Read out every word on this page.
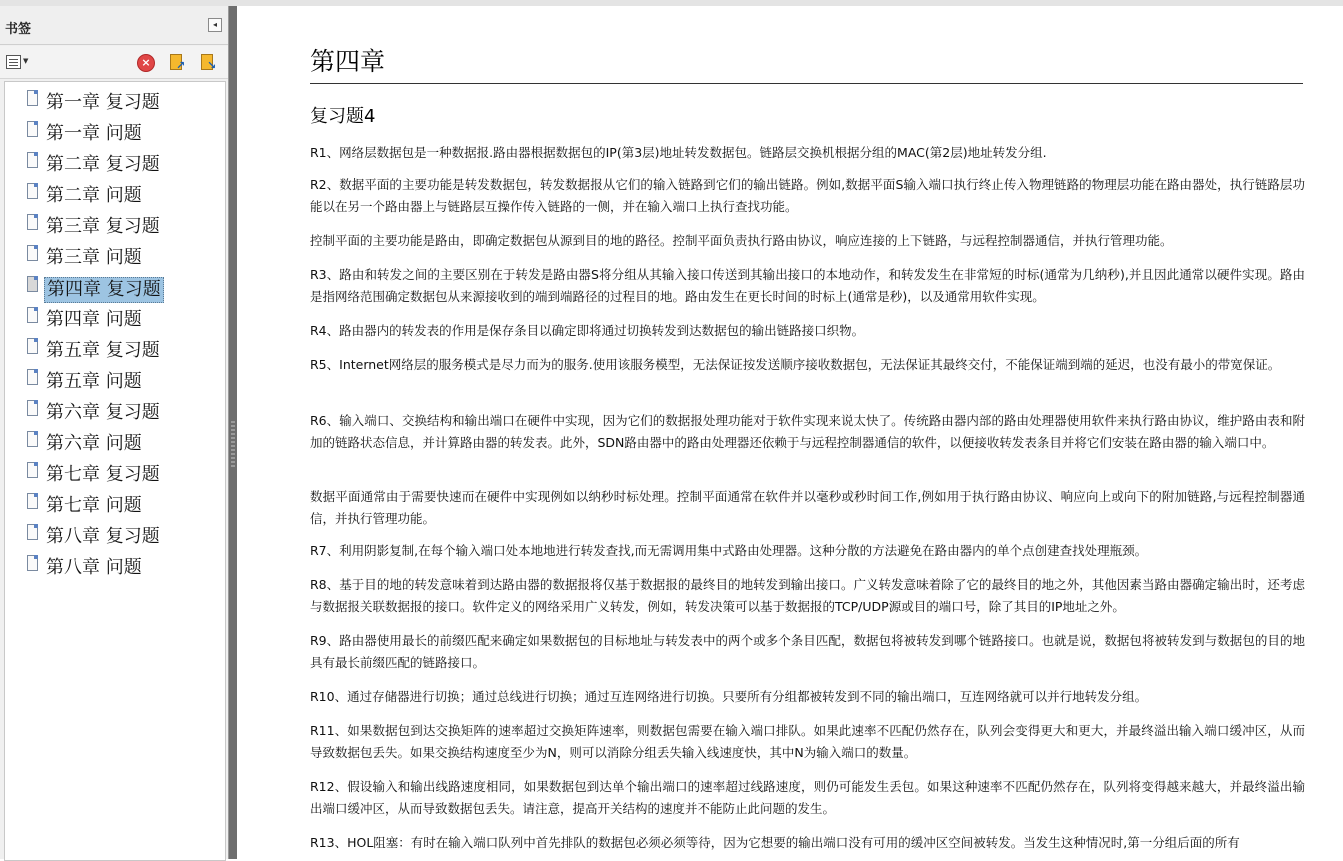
书签	◂
▼	×	↗ ↘
第一章 复习题
第一章 问题
第二章 复习题
第二章 问题
第三章 复习题
第三章 问题
第四章 复习题
第四章 问题
第五章 复习题
第五章 问题
第六章 复习题
第六章 问题
第七章 复习题
第七章 问题
第八章 复习题
第八章 问题
第四章
复习题4
R1、网络层数据包是一种数据报.路由器根据数据包的IP(第3层)地址转发数据包。链路层交换机根据分组的MAC(第2层)地址转发分组.
R2、数据平面的主要功能是转发数据包，转发数据报从它们的输入链路到它们的输出链路。例如,数据平面S输入端口执行终止传入物理链路的物理层功能在路由器处，执行链路层功能以在另一个路由器上与链路层互操作传入链路的一侧，并在输入端口上执行查找功能。
控制平面的主要功能是路由，即确定数据包从源到目的地的路径。控制平面负责执行路由协议，响应连接的上下链路，与远程控制器通信，并执行管理功能。
R3、路由和转发之间的主要区别在于转发是路由器S将分组从其输入接口传送到其输出接口的本地动作，和转发发生在非常短的时标(通常为几纳秒),并且因此通常以硬件实现。路由是指网络范围确定数据包从来源接收到的端到端路径的过程目的地。路由发生在更长时间的时标上(通常是秒)，以及通常用软件实现。
R4、路由器内的转发表的作用是保存条目以确定即将通过切换转发到达数据包的输出链路接口织物。
R5、Internet网络层的服务模式是尽力而为的服务.使用该服务模型，无法保证按发送顺序接收数据包，无法保证其最终交付，不能保证端到端的延迟，也没有最小的带宽保证。
R6、输入端口、交换结构和输出端口在硬件中实现，因为它们的数据报处理功能对于软件实现来说太快了。传统路由器内部的路由处理器使用软件来执行路由协议，维护路由表和附加的链路状态信息，并计算路由器的转发表。此外，SDN路由器中的路由处理器还依赖于与远程控制器通信的软件，以便接收转发表条目并将它们安装在路由器的输入端口中。
数据平面通常由于需要快速而在硬件中实现例如以纳秒时标处理。控制平面通常在软件并以毫秒或秒时间工作,例如用于执行路由协议、响应向上或向下的附加链路,与远程控制器通信，并执行管理功能。
R7、利用阴影复制,在每个输入端口处本地地进行转发查找,而无需调用集中式路由处理器。这种分散的方法避免在路由器内的单个点创建查找处理瓶颈。
R8、基于目的地的转发意味着到达路由器的数据报将仅基于数据报的最终目的地转发到输出接口。广义转发意味着除了它的最终目的地之外，其他因素当路由器确定输出时，还考虑与数据报关联数据报的接口。软件定义的网络采用广义转发，例如，转发决策可以基于数据报的TCP/UDP源或目的端口号，除了其目的IP地址之外。
R9、路由器使用最长的前缀匹配来确定如果数据包的目标地址与转发表中的两个或多个条目匹配，数据包将被转发到哪个链路接口。也就是说，数据包将被转发到与数据包的目的地具有最长前缀匹配的链路接口。
R10、通过存储器进行切换；通过总线进行切换；通过互连网络进行切换。只要所有分组都被转发到不同的输出端口，互连网络就可以并行地转发分组。
R11、如果数据包到达交换矩阵的速率超过交换矩阵速率，则数据包需要在输入端口排队。如果此速率不匹配仍然存在，队列会变得更大和更大，并最终溢出输入端口缓冲区，从而导致数据包丢失。如果交换结构速度至少为N，则可以消除分组丢失输入线速度快，其中N为输入端口的数量。
R12、假设输入和输出线路速度相同，如果数据包到达单个输出端口的速率超过线路速度，则仍可能发生丢包。如果这种速率不匹配仍然存在，队列将变得越来越大，并最终溢出输出端口缓冲区，从而导致数据包丢失。请注意，提高开关结构的速度并不能防止此问题的发生。
R13、HOL阻塞：有时在输入端口队列中首先排队的数据包必须必须等待，因为它想要的输出端口没有可用的缓冲区空间被转发。当发生这种情况时,第一分组后面的所有
